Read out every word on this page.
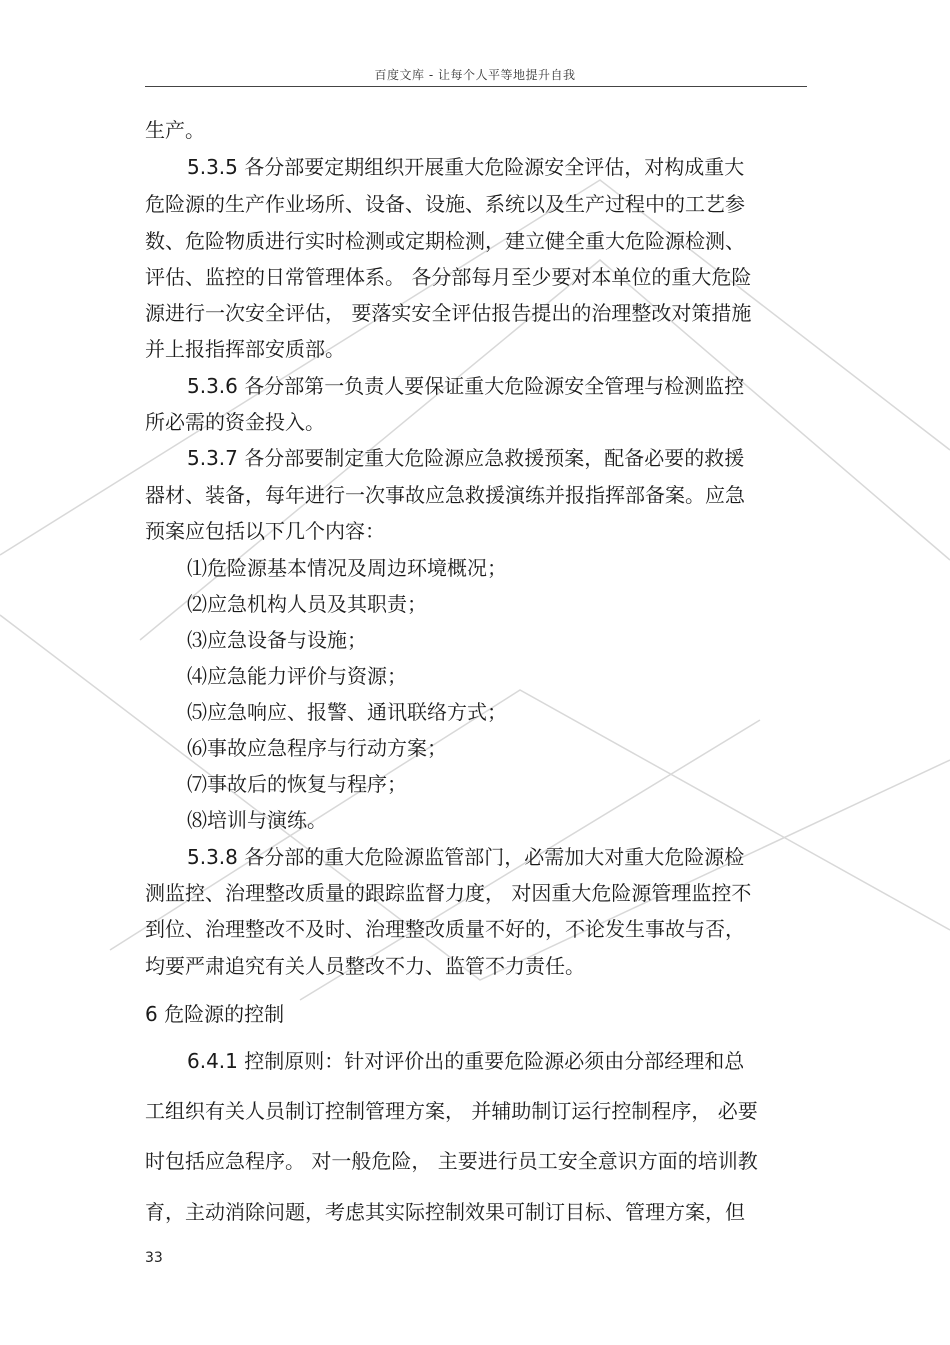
百度文库 - 让每个人平等地提升自我
生产。
5.3.5 各分部要定期组织开展重大危险源安全评估，对构成重大
危险源的生产作业场所、设备、设施、系统以及生产过程中的工艺参
数、危险物质进行实时检测或定期检测，建立健全重大危险源检测、
评估、监控的日常管理体系。 各分部每月至少要对本单位的重大危险
源进行一次安全评估， 要落实安全评估报告提出的治理整改对策措施
并上报指挥部安质部。
5.3.6 各分部第一负责人要保证重大危险源安全管理与检测监控
所必需的资金投入。
5.3.7 各分部要制定重大危险源应急救援预案，配备必要的救援
器材、装备，每年进行一次事故应急救援演练并报指挥部备案。应急
预案应包括以下几个内容：
⑴危险源基本情况及周边环境概况；
⑵应急机构人员及其职责；
⑶应急设备与设施；
⑷应急能力评价与资源；
⑸应急响应、报警、通讯联络方式；
⑹事故应急程序与行动方案；
⑺事故后的恢复与程序；
⑻培训与演练。
5.3.8 各分部的重大危险源监管部门，必需加大对重大危险源检
测监控、治理整改质量的跟踪监督力度， 对因重大危险源管理监控不
到位、治理整改不及时、治理整改质量不好的，不论发生事故与否，
均要严肃追究有关人员整改不力、监管不力责任。
6 危险源的控制
6.4.1 控制原则：针对评价出的重要危险源必须由分部经理和总
工组织有关人员制订控制管理方案， 并辅助制订运行控制程序， 必要
时包括应急程序。 对一般危险， 主要进行员工安全意识方面的培训教
育，主动消除问题，考虑其实际控制效果可制订目标、管理方案，但
33
